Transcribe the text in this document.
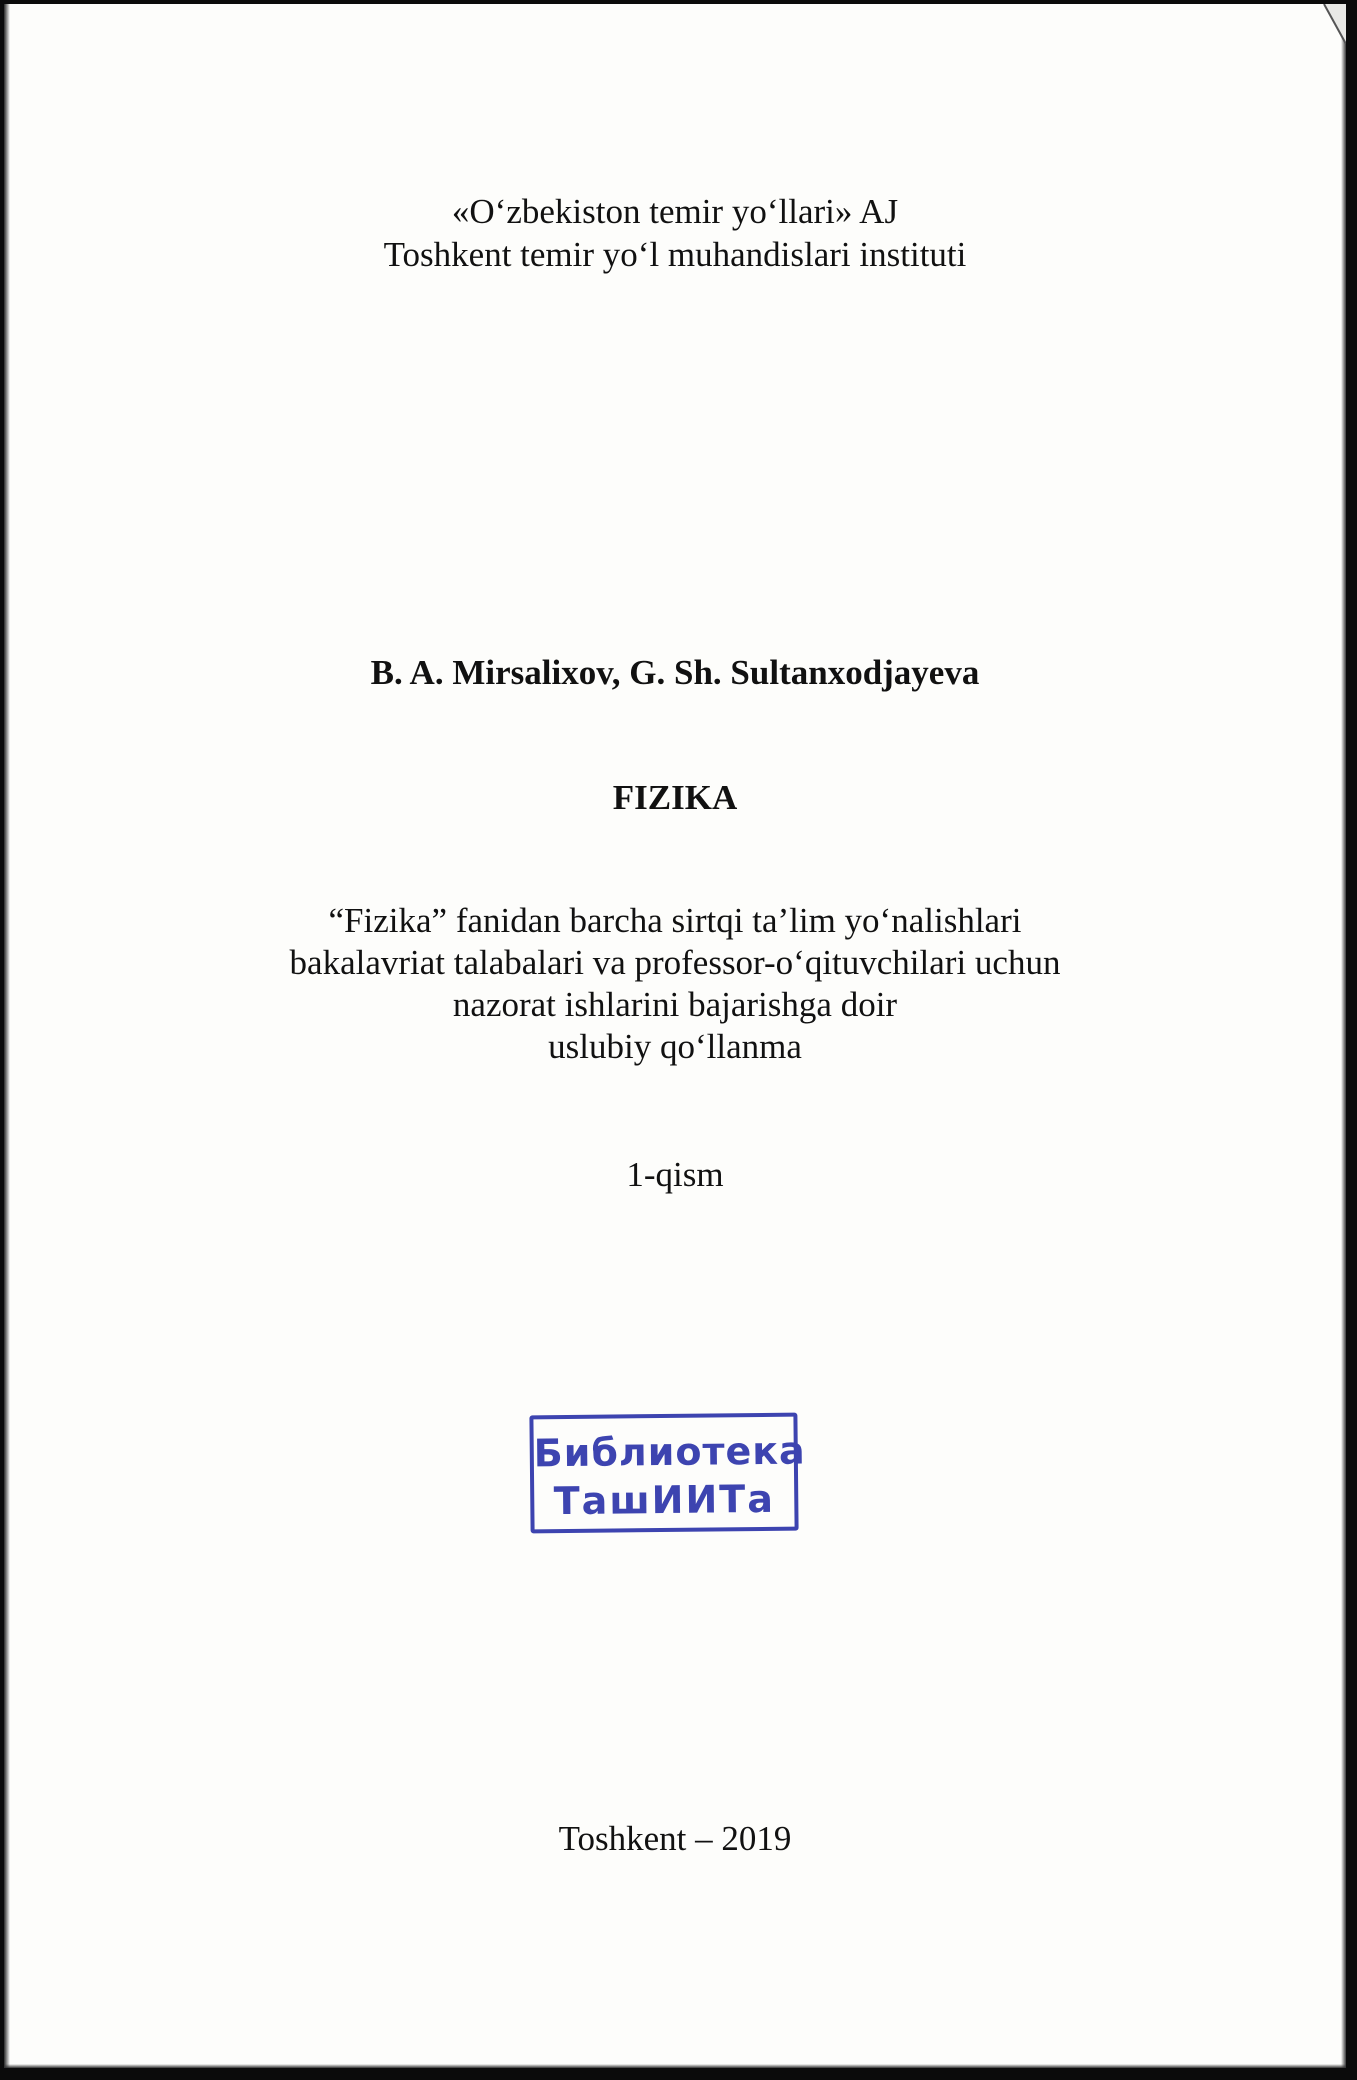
«O‘zbekiston temir yo‘llari» AJ
Toshkent temir yo‘l muhandislari instituti
B. A. Mirsalixov, G. Sh. Sultanxodjayeva
FIZIKA
“Fizika” fanidan barcha sirtqi ta’lim yo‘nalishlari
bakalavriat talabalari va professor-o‘qituvchilari uchun
nazorat ishlarini bajarishga doir
uslubiy qo‘llanma
1-qism
Библиотека
ТашИИТа
Toshkent – 2019
